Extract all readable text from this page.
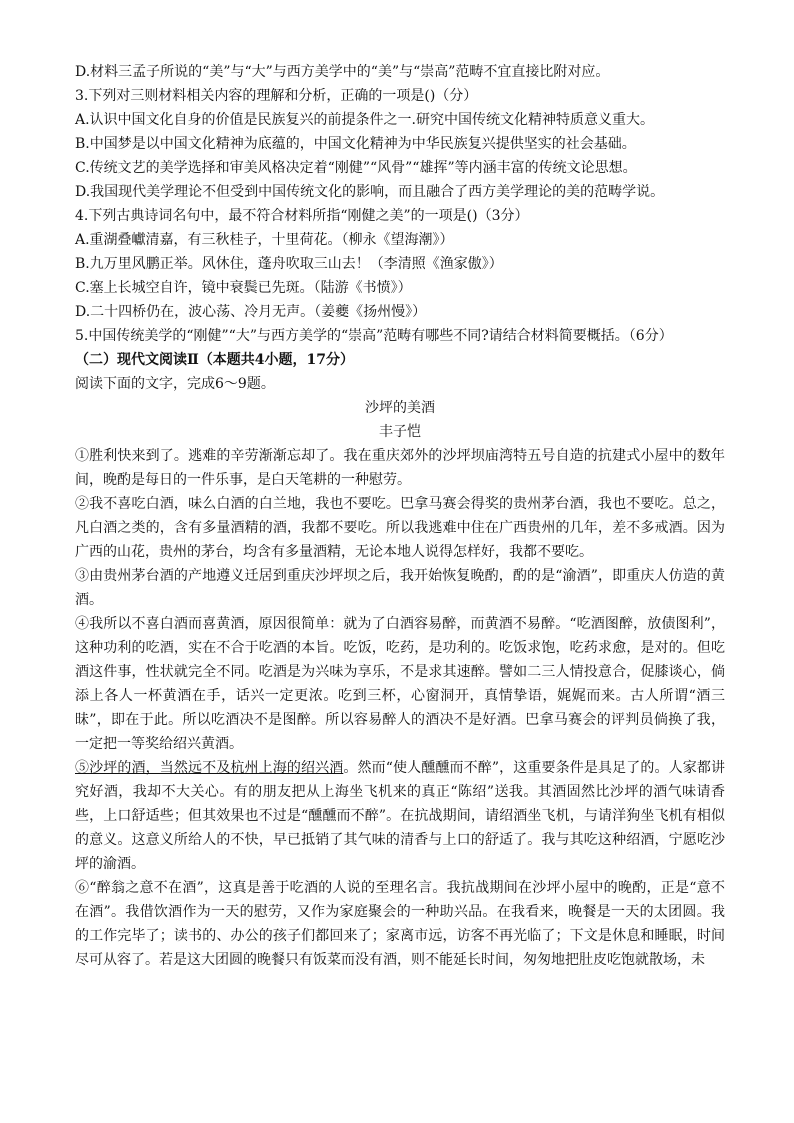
D.材料三孟子所说的“美”与“大”与西方美学中的“美”与“崇高”范畴不宜直接比附对应。

3.下列对三则材料相关内容的理解和分析，正确的一项是()（分）

A.认识中国文化自身的价值是民族复兴的前提条件之一.研究中国传统文化精神特质意义重大。

B.中国梦是以中国文化精神为底蕴的，中国文化精神为中华民族复兴提供坚实的社会基础。

C.传统文艺的美学选择和审美风格决定着“刚健”“风骨”“雄挥”等内涵丰富的传统文论思想。

D.我国现代美学理论不但受到中国传统文化的影响，而且融合了西方美学理论的美的范畴学说。

4.下列古典诗词名句中，最不符合材料所指“刚健之美”的一项是()（3分）

A.重湖叠巘清嘉，有三秋桂子，十里荷花。（柳永《望海潮》）

B.九万里风鹏正举。风休住，蓬舟吹取三山去！（李清照《渔家傲》）

C.塞上长城空自许，镜中衰鬓已先斑。（陆游《书愤》）

D.二十四桥仍在，波心荡、冷月无声。（姜夔《扬州慢》）

5.中国传统美学的“刚健”“大”与西方美学的“崇高”范畴有哪些不同?请结合材料简要概括。（6分）

（二）现代文阅读Ⅱ（本题共4小题，17分）

阅读下面的文字，完成6～9题。

沙坪的美酒

丰子恺

①胜利快来到了。逃难的辛劳渐渐忘却了。我在重庆郊外的沙坪坝庙湾特五号自造的抗建式小屋中的数年间，晚酌是每日的一件乐事，是白天笔耕的一种慰劳。

②我不喜吃白酒，味么白酒的白兰地，我也不要吃。巴拿马赛会得奖的贵州茅台酒，我也不要吃。总之，凡白酒之类的，含有多量酒精的酒，我都不要吃。所以我逃难中住在广西贵州的几年，差不多戒酒。因为广西的山花，贵州的茅台，均含有多量酒精，无论本地人说得怎样好，我都不要吃。

③由贵州茅台酒的产地遵义迁居到重庆沙坪坝之后，我开始恢复晚酌，酌的是“渝酒”，即重庆人仿造的黄酒。

④我所以不喜白酒而喜黄酒，原因很简单：就为了白酒容易醉，而黄酒不易醉。“吃酒图醉，放债图利”，这种功利的吃酒，实在不合于吃酒的本旨。吃饭，吃药，是功利的。吃饭求饱，吃药求愈，是对的。但吃酒这件事，性状就完全不同。吃酒是为兴味为享乐，不是求其速醉。譬如二三人情投意合，促膝谈心，倘添上各人一杯黄酒在手，话兴一定更浓。吃到三杯，心窗洞开，真情挚语，娓娓而来。古人所谓“酒三昧”，即在于此。所以吃酒决不是图醉。所以容易醉人的酒决不是好酒。巴拿马赛会的评判员倘换了我，一定把一等奖给绍兴黄酒。

⑤沙坪的酒，当然远不及杭州上海的绍兴酒。然而“使人醺醺而不醉”，这重要条件是具足了的。人家都讲究好酒，我却不大关心。有的朋友把从上海坐飞机来的真正“陈绍”送我。其酒固然比沙坪的酒气味请香些，上口舒适些；但其效果也不过是“醺醺而不醉”。在抗战期间，请绍酒坐飞机，与请洋狗坐飞机有相似的意义。这意义所给人的不快，早已抵销了其气味的清香与上口的舒适了。我与其吃这种绍酒，宁愿吃沙坪的渝酒。

⑥“醉翁之意不在酒”，这真是善于吃酒的人说的至理名言。我抗战期间在沙坪小屋中的晚酌，正是“意不在酒”。我借饮酒作为一天的慰劳，又作为家庭聚会的一种助兴品。在我看来，晚餐是一天的太团圆。我的工作完毕了；读书的、办公的孩子们都回来了；家离市远，访客不再光临了；下文是休息和睡眠，时间尽可从容了。若是这大团圆的晚餐只有饭菜而没有酒，则不能延长时间，匆匆地把肚皮吃饱就散场，未
